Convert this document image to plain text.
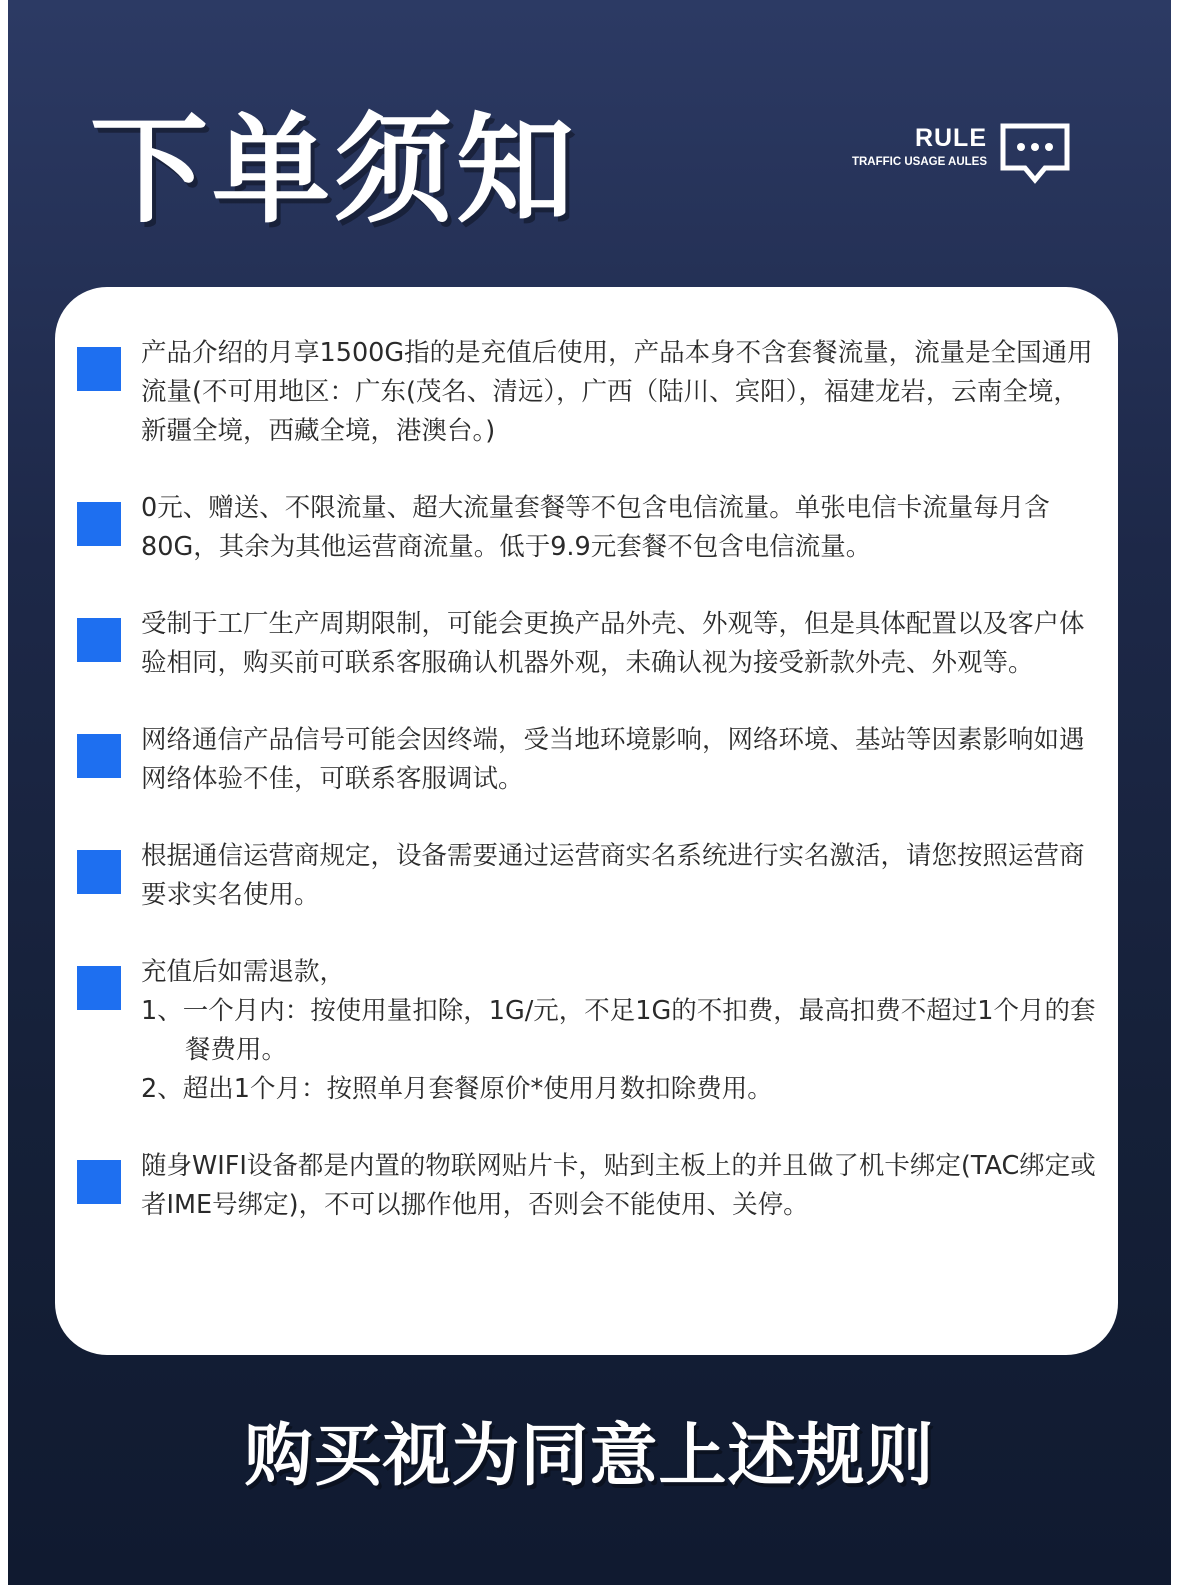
下单须知	RULE
TRAFFIC USAGE AULES
产品介绍的月享1500G指的是充值后使用，产品本身不含套餐流量，流量是全国通用流量(不可用地区：广东(茂名、清远），广西（陆川、宾阳），福建龙岩，云南全境，新疆全境，西藏全境，港澳台。)
0元、赠送、不限流量、超大流量套餐等不包含电信流量。单张电信卡流量每月含80G，其余为其他运营商流量。低于9.9元套餐不包含电信流量。
受制于工厂生产周期限制，可能会更换产品外壳、外观等，但是具体配置以及客户体验相同，购买前可联系客服确认机器外观，未确认视为接受新款外壳、外观等。
网络通信产品信号可能会因终端，受当地环境影响，网络环境、基站等因素影响如遇网络体验不佳，可联系客服调试。
根据通信运营商规定，设备需要通过运营商实名系统进行实名激活，请您按照运营商要求实名使用。
充值后如需退款，
1、一个月内：按使用量扣除，1G/元，不足1G的不扣费，最高扣费不超过1个月的套餐费用。
2、超出1个月：按照单月套餐原价*使用月数扣除费用。
随身WIFI设备都是内置的物联网贴片卡，贴到主板上的并且做了机卡绑定(TAC绑定或者IME号绑定)，不可以挪作他用，否则会不能使用、关停。
购买视为同意上述规则
